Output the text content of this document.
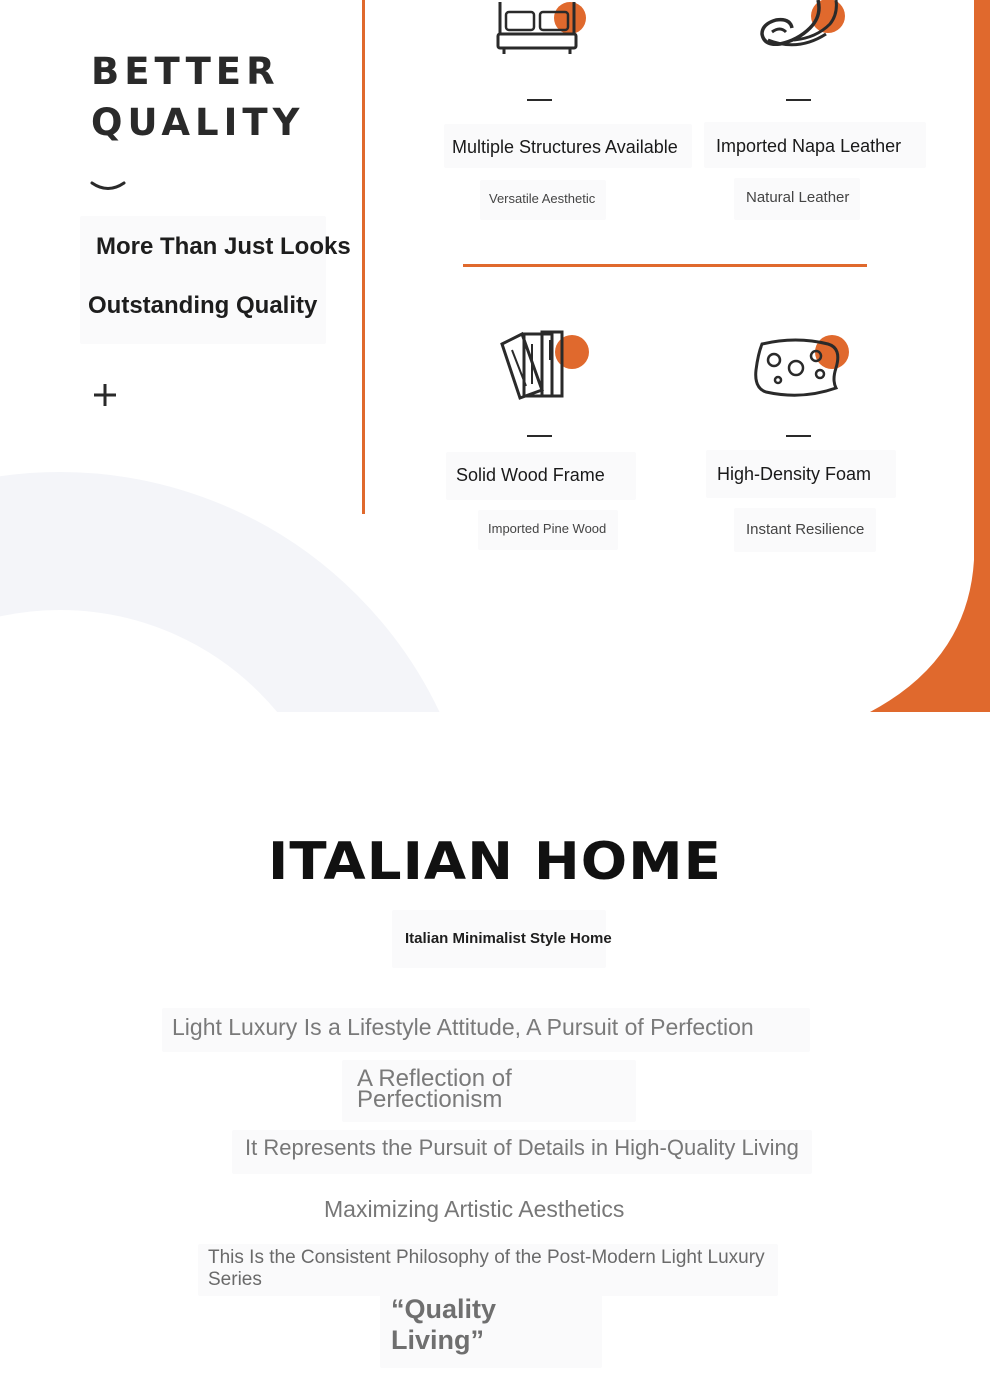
BETTER
QUALITY
More Than Just Looks
Outstanding Quality
Multiple Structures Available
Versatile Aesthetic
Imported Napa Leather
Natural Leather
Solid Wood Frame
Imported Pine Wood
High-Density Foam
Instant Resilience
ITALIAN HOME
Italian Minimalist Style Home
Light Luxury Is a Lifestyle Attitude, A Pursuit of Perfection
A Reflection of Perfectionism
It Represents the Pursuit of Details in High-Quality Living
Maximizing Artistic Aesthetics
This Is the Consistent Philosophy of the Post-Modern Light Luxury Series
“Quality Living”
